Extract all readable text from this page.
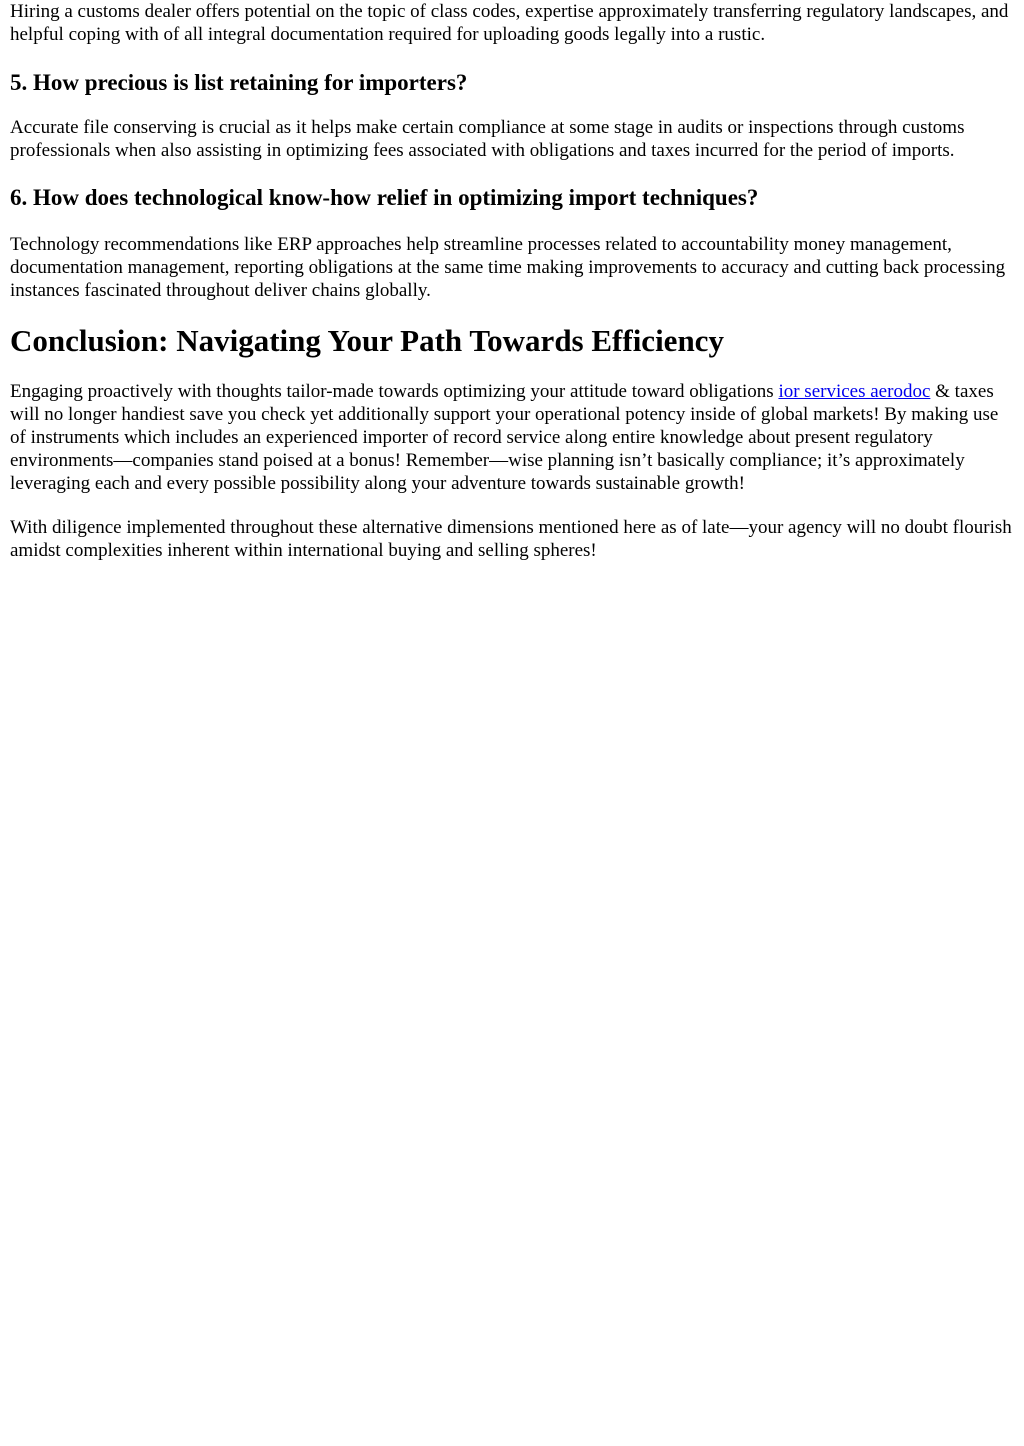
Hiring a customs dealer offers potential on the topic of class codes, expertise approximately transferring regulatory landscapes, and helpful coping with of all integral documentation required for uploading goods legally into a rustic.

5. How precious is list retaining for importers?

Accurate file conserving is crucial as it helps make certain compliance at some stage in audits or inspections through customs professionals when also assisting in optimizing fees associated with obligations and taxes incurred for the period of imports.

6. How does technological know-how relief in optimizing import techniques?

Technology recommendations like ERP approaches help streamline processes related to accountability money management, documentation management, reporting obligations at the same time making improvements to accuracy and cutting back processing instances fascinated throughout deliver chains globally.

Conclusion: Navigating Your Path Towards Efficiency

Engaging proactively with thoughts tailor-made towards optimizing your attitude toward obligations ior services aerodoc & taxes will no longer handiest save you check yet additionally support your operational potency inside of global markets! By making use of instruments which includes an experienced importer of record service along entire knowledge about present regulatory environments—companies stand poised at a bonus! Remember—wise planning isn’t basically compliance; it’s approximately leveraging each and every possible possibility along your adventure towards sustainable growth!

With diligence implemented throughout these alternative dimensions mentioned here as of late—your agency will no doubt flourish amidst complexities inherent within international buying and selling spheres!
